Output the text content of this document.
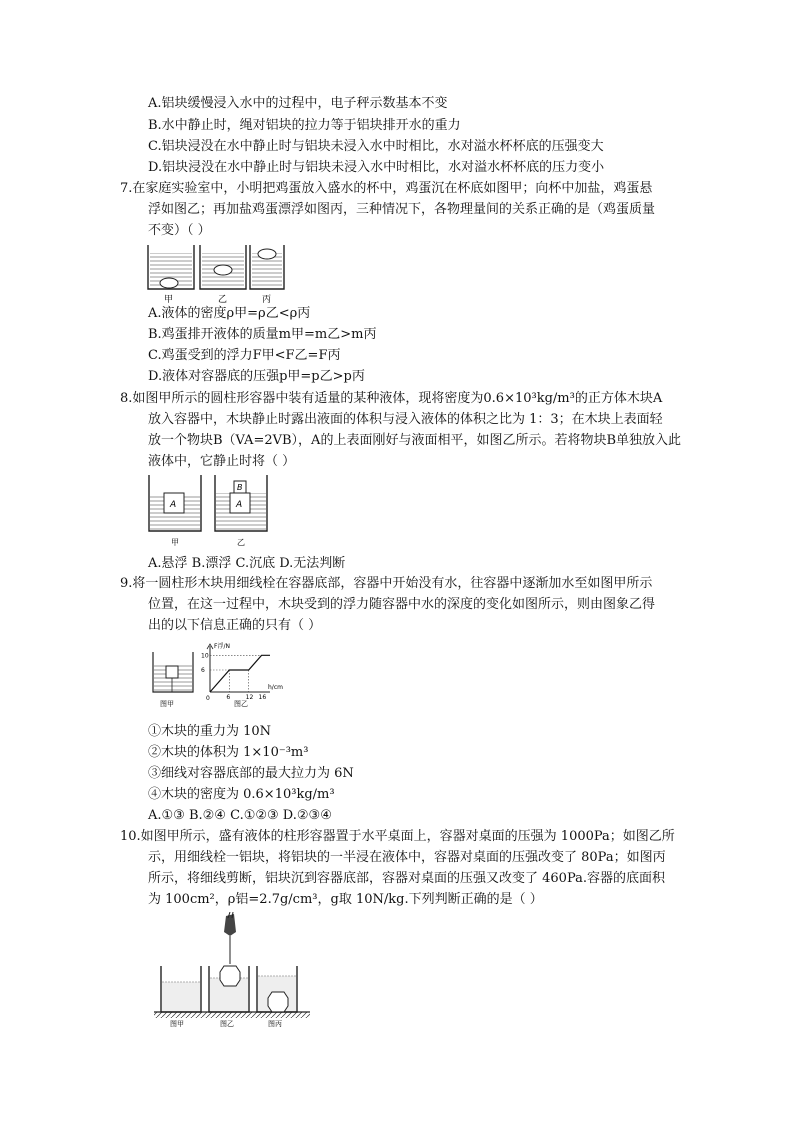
A.铝块缓慢浸入水中的过程中，电子秤示数基本不变
B.水中静止时，绳对铝块的拉力等于铝块排开水的重力
C.铝块浸没在水中静止时与铝块未浸入水中时相比，水对溢水杯杯底的压强变大
D.铝块浸没在水中静止时与铝块未浸入水中时相比，水对溢水杯杯底的压力变小
7.在家庭实验室中，小明把鸡蛋放入盛水的杯中，鸡蛋沉在杯底如图甲；向杯中加盐，鸡蛋悬
浮如图乙；再加盐鸡蛋漂浮如图丙，三种情况下，各物理量间的关系正确的是（鸡蛋质量
不变）（ ）
甲	乙	丙
A.液体的密度ρ甲=ρ乙<ρ丙
B.鸡蛋排开液体的质量m甲=m乙>m丙
C.鸡蛋受到的浮力F甲<F乙=F丙
D.液体对容器底的压强p甲=p乙>p丙
8.如图甲所示的圆柱形容器中装有适量的某种液体，现将密度为0.6×10³kg/m³的正方体木块A
放入容器中，木块静止时露出液面的体积与浸入液体的体积之比为 1：3；在木块上表面轻
放一个物块B（VA=2VB），A的上表面刚好与液面相平，如图乙所示。若将物块B单独放入此
液体中，它静止时将（ ）
A	A
B
甲	乙
A.悬浮 B.漂浮 C.沉底 D.无法判断
9.将一圆柱形木块用细线栓在容器底部，容器中开始没有水，往容器中逐渐加水至如图甲所示
位置，在这一过程中，木块受到的浮力随容器中水的深度的变化如图所示，则由图象乙得
出的以下信息正确的只有（ ）
图甲
F浮/N
h/cm
0
图乙
6	12 16
6
10
①木块的重力为 10N
②木块的体积为 1×10⁻³m³
③细线对容器底部的最大拉力为 6N
④木块的密度为 0.6×10³kg/m³
A.①③ B.②④ C.①②③ D.②③④
10.如图甲所示，盛有液体的柱形容器置于水平桌面上，容器对桌面的压强为 1000Pa；如图乙所
示，用细线栓一铝块，将铝块的一半浸在液体中，容器对桌面的压强改变了 80Pa；如图丙
所示，将细线剪断，铝块沉到容器底部，容器对桌面的压强又改变了 460Pa.容器的底面积
为 100cm²，ρ铝=2.7g/cm³，g取 10N/kg.下列判断正确的是（ ）
图甲	图乙	图丙
